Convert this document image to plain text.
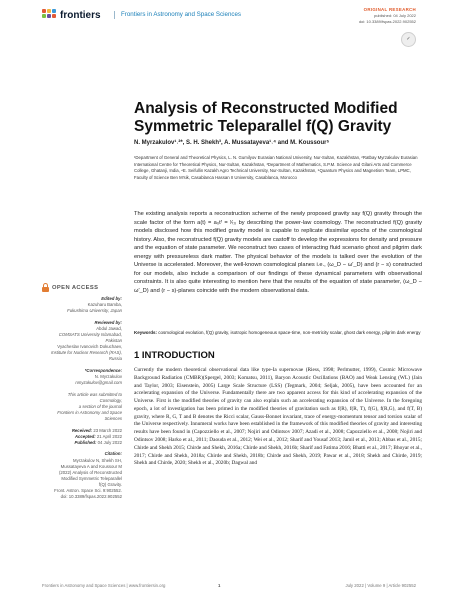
frontiers	Frontiers in Astronomy and Space Sciences
ORIGINAL RESEARCH
published: 04 July 2022
doi: 10.3389/fspas.2022.902552
✓
OPEN ACCESS
Edited by:
Kazuharu Bamba,
Fukushima University, Japan
Reviewed by:
Abdul Jawad,
COMSATS University Islamabad,
Pakistan
Vyacheslav Ivanovich Dokuchaev,
Institute for Nuclear Research (RAS),
Russia
*Correspondence:
N. Myrzakulov
nmyzakulov@gmail.com
This article was submitted to
Cosmology,
a section of the journal
Frontiers in Astronomy and Space
Sciences
Received: 23 March 2022
Accepted: 21 April 2022
Published: 04 July 2022
Citation:
Myrzakulov N, Shekh SH,
Mussatayeva A and Koussour M
(2022) Analysis of Reconstructed
Modified Symmetric Teleparallel
f(Q) Gravity.
Front. Astron. Space Sci. 9:902552.
doi: 10.3389/fspas.2022.902552
Analysis of Reconstructed Modified Symmetric Teleparallel f(Q) Gravity
N. Myrzakulov¹˒²*, S. H. Shekh³, A. Mussatayeva¹˒⁴ and M. Koussour⁵
¹Department of General and Theoretical Physics, L. N. Gumilyov Eurasian National University, Nur-Sultan, Kazakhstan, ²Ratbay Myrzakulov Eurasian International Centre for Theoretical Physics, Nur-Sultan, Kazakhstan, ³Department of Mathematics, S.P.M. Science and Gilani Arts and Commerce College, Ghatanji, India, ⁴E. Seifullin Kazakh Agro Technical University, Nur-Sultan, Kazakhstan, ⁵Quantum Physics and Magnetism Team, LPMC, Faculty of Science Ben M'sik, Casablanca Hassan II University, Casablanca, Morocco

The existing analysis reports a reconstruction scheme of the newly proposed gravity say f(Q) gravity through the scale factor of the form a(t) = a₀tᶠ = ᵗ⁄ₜ₀ by describing the power-law cosmology. The reconstructed f(Q) gravity models disclosed how this modified gravity model is capable to replicate dissimilar epochs of the cosmological history. Also, the reconstructed f(Q) gravity models are castoff to develop the expressions for density and pressure and the equation of state parameter. We reconstruct two cases of interacting fluid scenario ghost and pilgrim dark energy with pressureless dark matter. The physical behavior of the models is talked over the evolution of the Universe is accelerated. Moreover, the well-known cosmological planes i.e., (ω_D − ω′_D) and (r − s) constructed for our models, also include a comparison of our findings of these dynamical parameters with observational constraints. It is also quite interesting to mention here that the results of the equation of state parameter, (ω_D − ω′_D) and (r − s)-planes coincide with the modern observational data.

Keywords: cosmological evolution, f(Q) gravity, isotropic homogeneous space-time, non-metricity scalar, ghost dark energy, pilgrim dark energy
1 INTRODUCTION

Currently the modern theoretical observational data like type-Ia supernovae (Riess, 1998; Perlmutter, 1999), Cosmic Microwave Background Radiation (CMBR)(Spergel, 2003; Komatsu, 2011), Baryon Acoustic Oscillations (BAO) and Weak Lensing (WL) (Jain and Taylor, 2003; Eisenstein, 2005) Large Scale Structure (LSS) (Tegmark, 2004; Seljak, 2005), have been accounted for an accelerating expansion of the Universe. Fundamentally there are two apparent access for this kind of accelerating expansion of the Universe. First is the modified theories of gravity can also explain such an accelerating expansion of the Universe. In the foregoing epoch, a lot of investigation has been primed in the modified theories of gravitation such as f(R), f(R, T), f(G), f(R,G), and f(T, B) gravity, where R, G, T and B denotes the Ricci scalar, Gauss-Bonnet invariant, trace of energy-momentum tensor and torsion scalar of the Universe respectively. Innumeral works have been established in the framework of this modified theories of gravity and interesting results have been found in (Capozziello et al., 2007; Nojiri and Odintsov 2007; Azadi et al., 2008; Capozziello et al., 2008; Nojiri and Odintsov 2008; Harko et al., 2011; Daouda et al., 2012; Wei et al., 2012; Sharif and Yousaf 2013; Jamil et al., 2013; Abbas et al., 2015; Chirde and Shekh 2015; Chirde and Shekh, 2016a; Chirde and Shekh, 2016b; Sharif and Fatima 2016; Bhatti et al., 2017; Bhoyar et al., 2017; Chirde and Shekh, 2018a; Chirde and Shekh, 2018b; Chirde and Shekh, 2019; Pawar et al., 2018; Shekh and Chirde, 2019; Shekh and Chirde, 2020; Shekh et al., 2020b; Dagwal and

Frontiers in Astronomy and Space Sciences | www.frontiersin.org	1	July 2022 | Volume 9 | Article 902552
